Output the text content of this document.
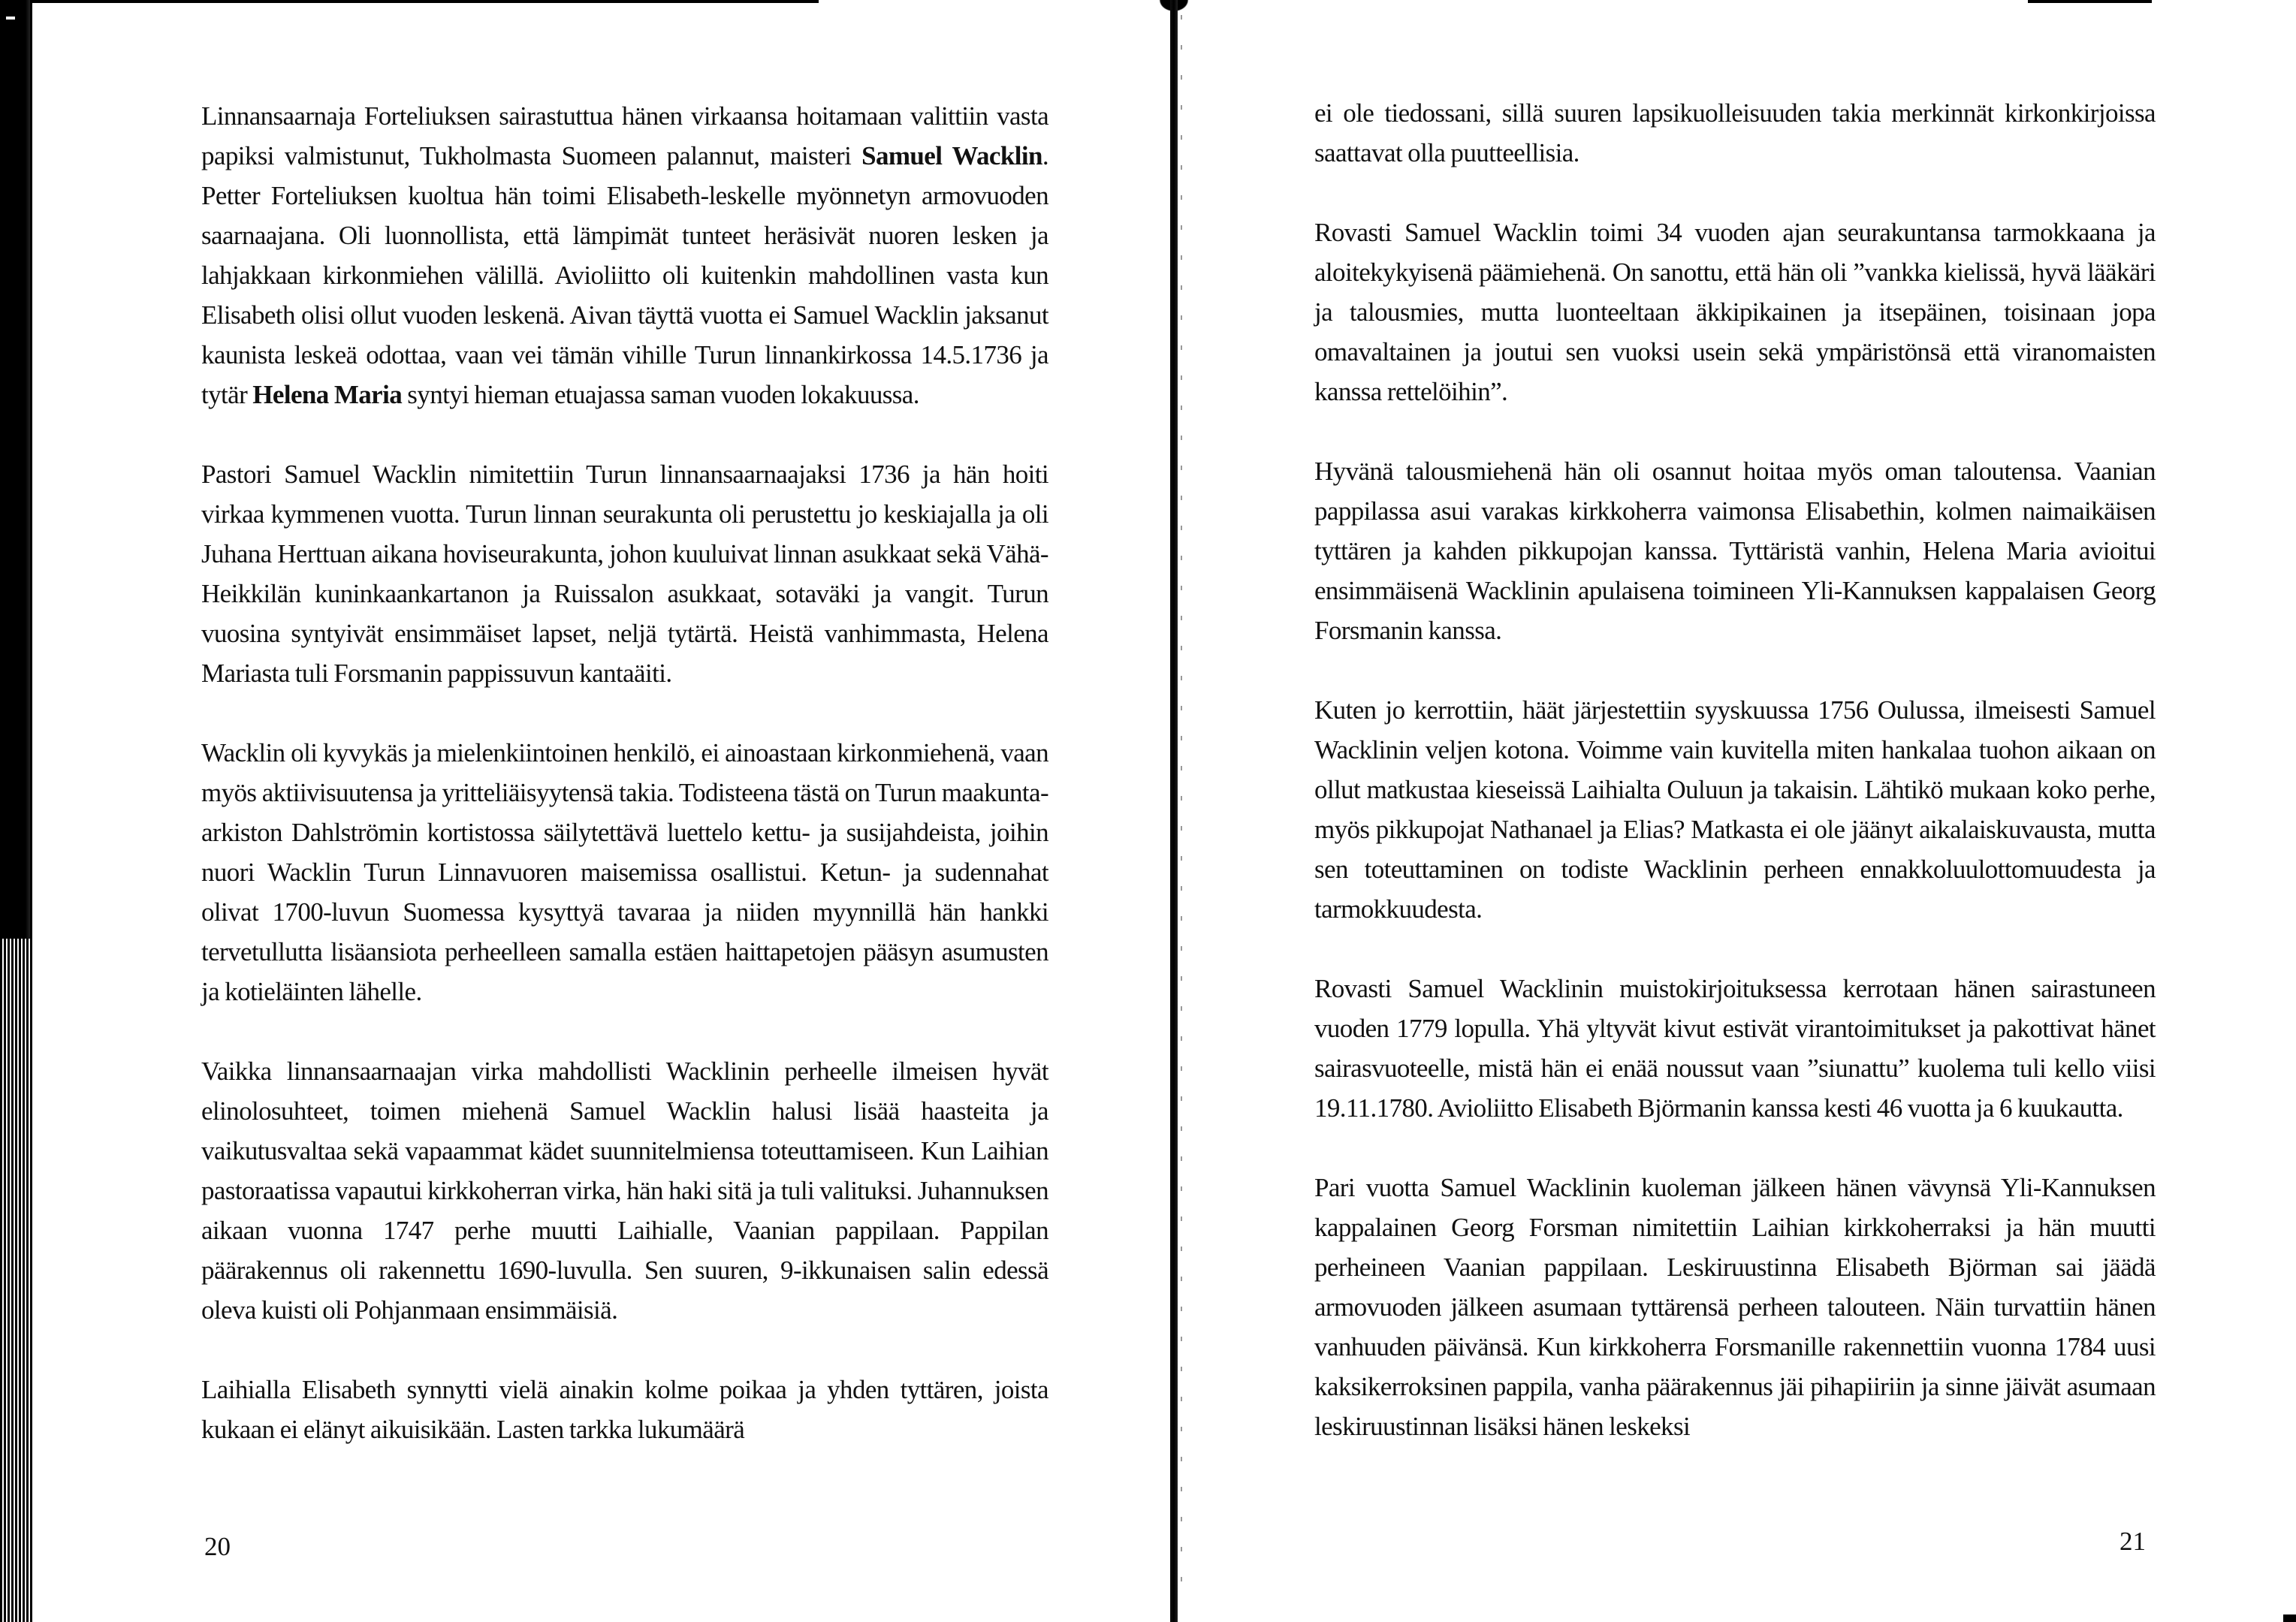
Linnansaarnaja Forteliuksen sairastuttua hänen virkaansa hoitamaan valittiin vasta papiksi valmistunut, Tukholmasta Suomeen palannut, maisteri Samuel Wacklin. Petter Forteliuksen kuoltua hän toimi Elisabeth-leskelle myönnetyn armovuoden saarnaajana. Oli luonnollista, että lämpimät tunteet heräsivät nuoren lesken ja lahjakkaan kirkonmiehen välillä. Avioliitto oli kuitenkin mahdollinen vasta kun Elisabeth olisi ollut vuoden leskenä. Aivan täyttä vuotta ei Samuel Wacklin jaksanut kaunista leskeä odottaa, vaan vei tämän vihille Turun linnankirkossa 14.5.1736 ja tytär Helena Maria syntyi hieman etuajassa saman vuoden lokakuussa.

Pastori Samuel Wacklin nimitettiin Turun linnansaarnaajaksi 1736 ja hän hoiti virkaa kymmenen vuotta. Turun linnan seurakunta oli perustettu jo keskiajalla ja oli Juhana Herttuan aikana hoviseurakunta, johon kuuluivat linnan asukkaat sekä Vähä-Heikkilän kuninkaankartanon ja Ruissalon asukkaat, sotaväki ja vangit. Turun vuosina syntyivät ensimmäiset lapset, neljä tytärtä. Heistä vanhimmasta, Helena Mariasta tuli Forsmanin pappissuvun kantaäiti.

Wacklin oli kyvykäs ja mielenkiintoinen henkilö, ei ainoastaan kirkonmiehenä, vaan myös aktiivisuutensa ja yritteliäisyytensä takia. Todisteena tästä on Turun maakunta-arkiston Dahlströmin kortistossa säilytettävä luettelo kettu- ja susijahdeista, joihin nuori Wacklin Turun Linnavuoren maisemissa osallistui. Ketun- ja sudennahat olivat 1700-luvun Suomessa kysyttyä tavaraa ja niiden myynnillä hän hankki tervetullutta lisäansiota perheelleen samalla estäen haittapetojen pääsyn asumusten ja kotieläinten lähelle.

Vaikka linnansaarnaajan virka mahdollisti Wacklinin perheelle ilmeisen hyvät elinolosuhteet, toimen miehenä Samuel Wacklin halusi lisää haasteita ja vaikutusvaltaa sekä vapaammat kädet suunnitelmiensa toteuttamiseen. Kun Laihian pastoraatissa vapautui kirkkoherran virka, hän haki sitä ja tuli valituksi. Juhannuksen aikaan vuonna 1747 perhe muutti Laihialle, Vaanian pappilaan. Pappilan päärakennus oli rakennettu 1690-luvulla. Sen suuren, 9-ikkunaisen salin edessä oleva kuisti oli Pohjanmaan ensimmäisiä.

Laihialla Elisabeth synnytti vielä ainakin kolme poikaa ja yhden tyttären, joista kukaan ei elänyt aikuisikään. Lasten tarkka lukumäärä

20

ei ole tiedossani, sillä suuren lapsikuolleisuuden takia merkinnät kirkonkirjoissa saattavat olla puutteellisia.

Rovasti Samuel Wacklin toimi 34 vuoden ajan seurakuntansa tarmokkaana ja aloitekykyisenä päämiehenä. On sanottu, että hän oli ”vankka kielissä, hyvä lääkäri ja talousmies, mutta luonteeltaan äkkipikainen ja itsepäinen, toisinaan jopa omavaltainen ja joutui sen vuoksi usein sekä ympäristönsä että viranomaisten kanssa rettelöihin”.

Hyvänä talousmiehenä hän oli osannut hoitaa myös oman taloutensa. Vaanian pappilassa asui varakas kirkkoherra vaimonsa Elisabethin, kolmen naimaikäisen tyttären ja kahden pikkupojan kanssa. Tyttäristä vanhin, Helena Maria avioitui ensimmäisenä Wacklinin apulaisena toimineen Yli-Kannuksen kappalaisen Georg Forsmanin kanssa.

Kuten jo kerrottiin, häät järjestettiin syyskuussa 1756 Oulussa, ilmeisesti Samuel Wacklinin veljen kotona. Voimme vain kuvitella miten hankalaa tuohon aikaan on ollut matkustaa kieseissä Laihialta Ouluun ja takaisin. Lähtikö mukaan koko perhe, myös pikkupojat Nathanael ja Elias? Matkasta ei ole jäänyt aikalaiskuvausta, mutta sen toteuttaminen on todiste Wacklinin perheen ennakkoluulottomuudesta ja tarmokkuudesta.

Rovasti Samuel Wacklinin muistokirjoituksessa kerrotaan hänen sairastuneen vuoden 1779 lopulla. Yhä yltyvät kivut estivät virantoimitukset ja pakottivat hänet sairasvuoteelle, mistä hän ei enää noussut vaan ”siunattu” kuolema tuli kello viisi 19.11.1780. Avioliitto Elisabeth Björmanin kanssa kesti 46 vuotta ja 6 kuukautta.

Pari vuotta Samuel Wacklinin kuoleman jälkeen hänen vävynsä Yli-Kannuksen kappalainen Georg Forsman nimitettiin Laihian kirkkoherraksi ja hän muutti perheineen Vaanian pappilaan. Leskiruustinna Elisabeth Björman sai jäädä armovuoden jälkeen asumaan tyttärensä perheen talouteen. Näin turvattiin hänen vanhuuden päivänsä. Kun kirkkoherra Forsmanille rakennettiin vuonna 1784 uusi kaksikerroksinen pappila, vanha päärakennus jäi pihapiiriin ja sinne jäivät asumaan leskiruustinnan lisäksi hänen leskeksi

21
